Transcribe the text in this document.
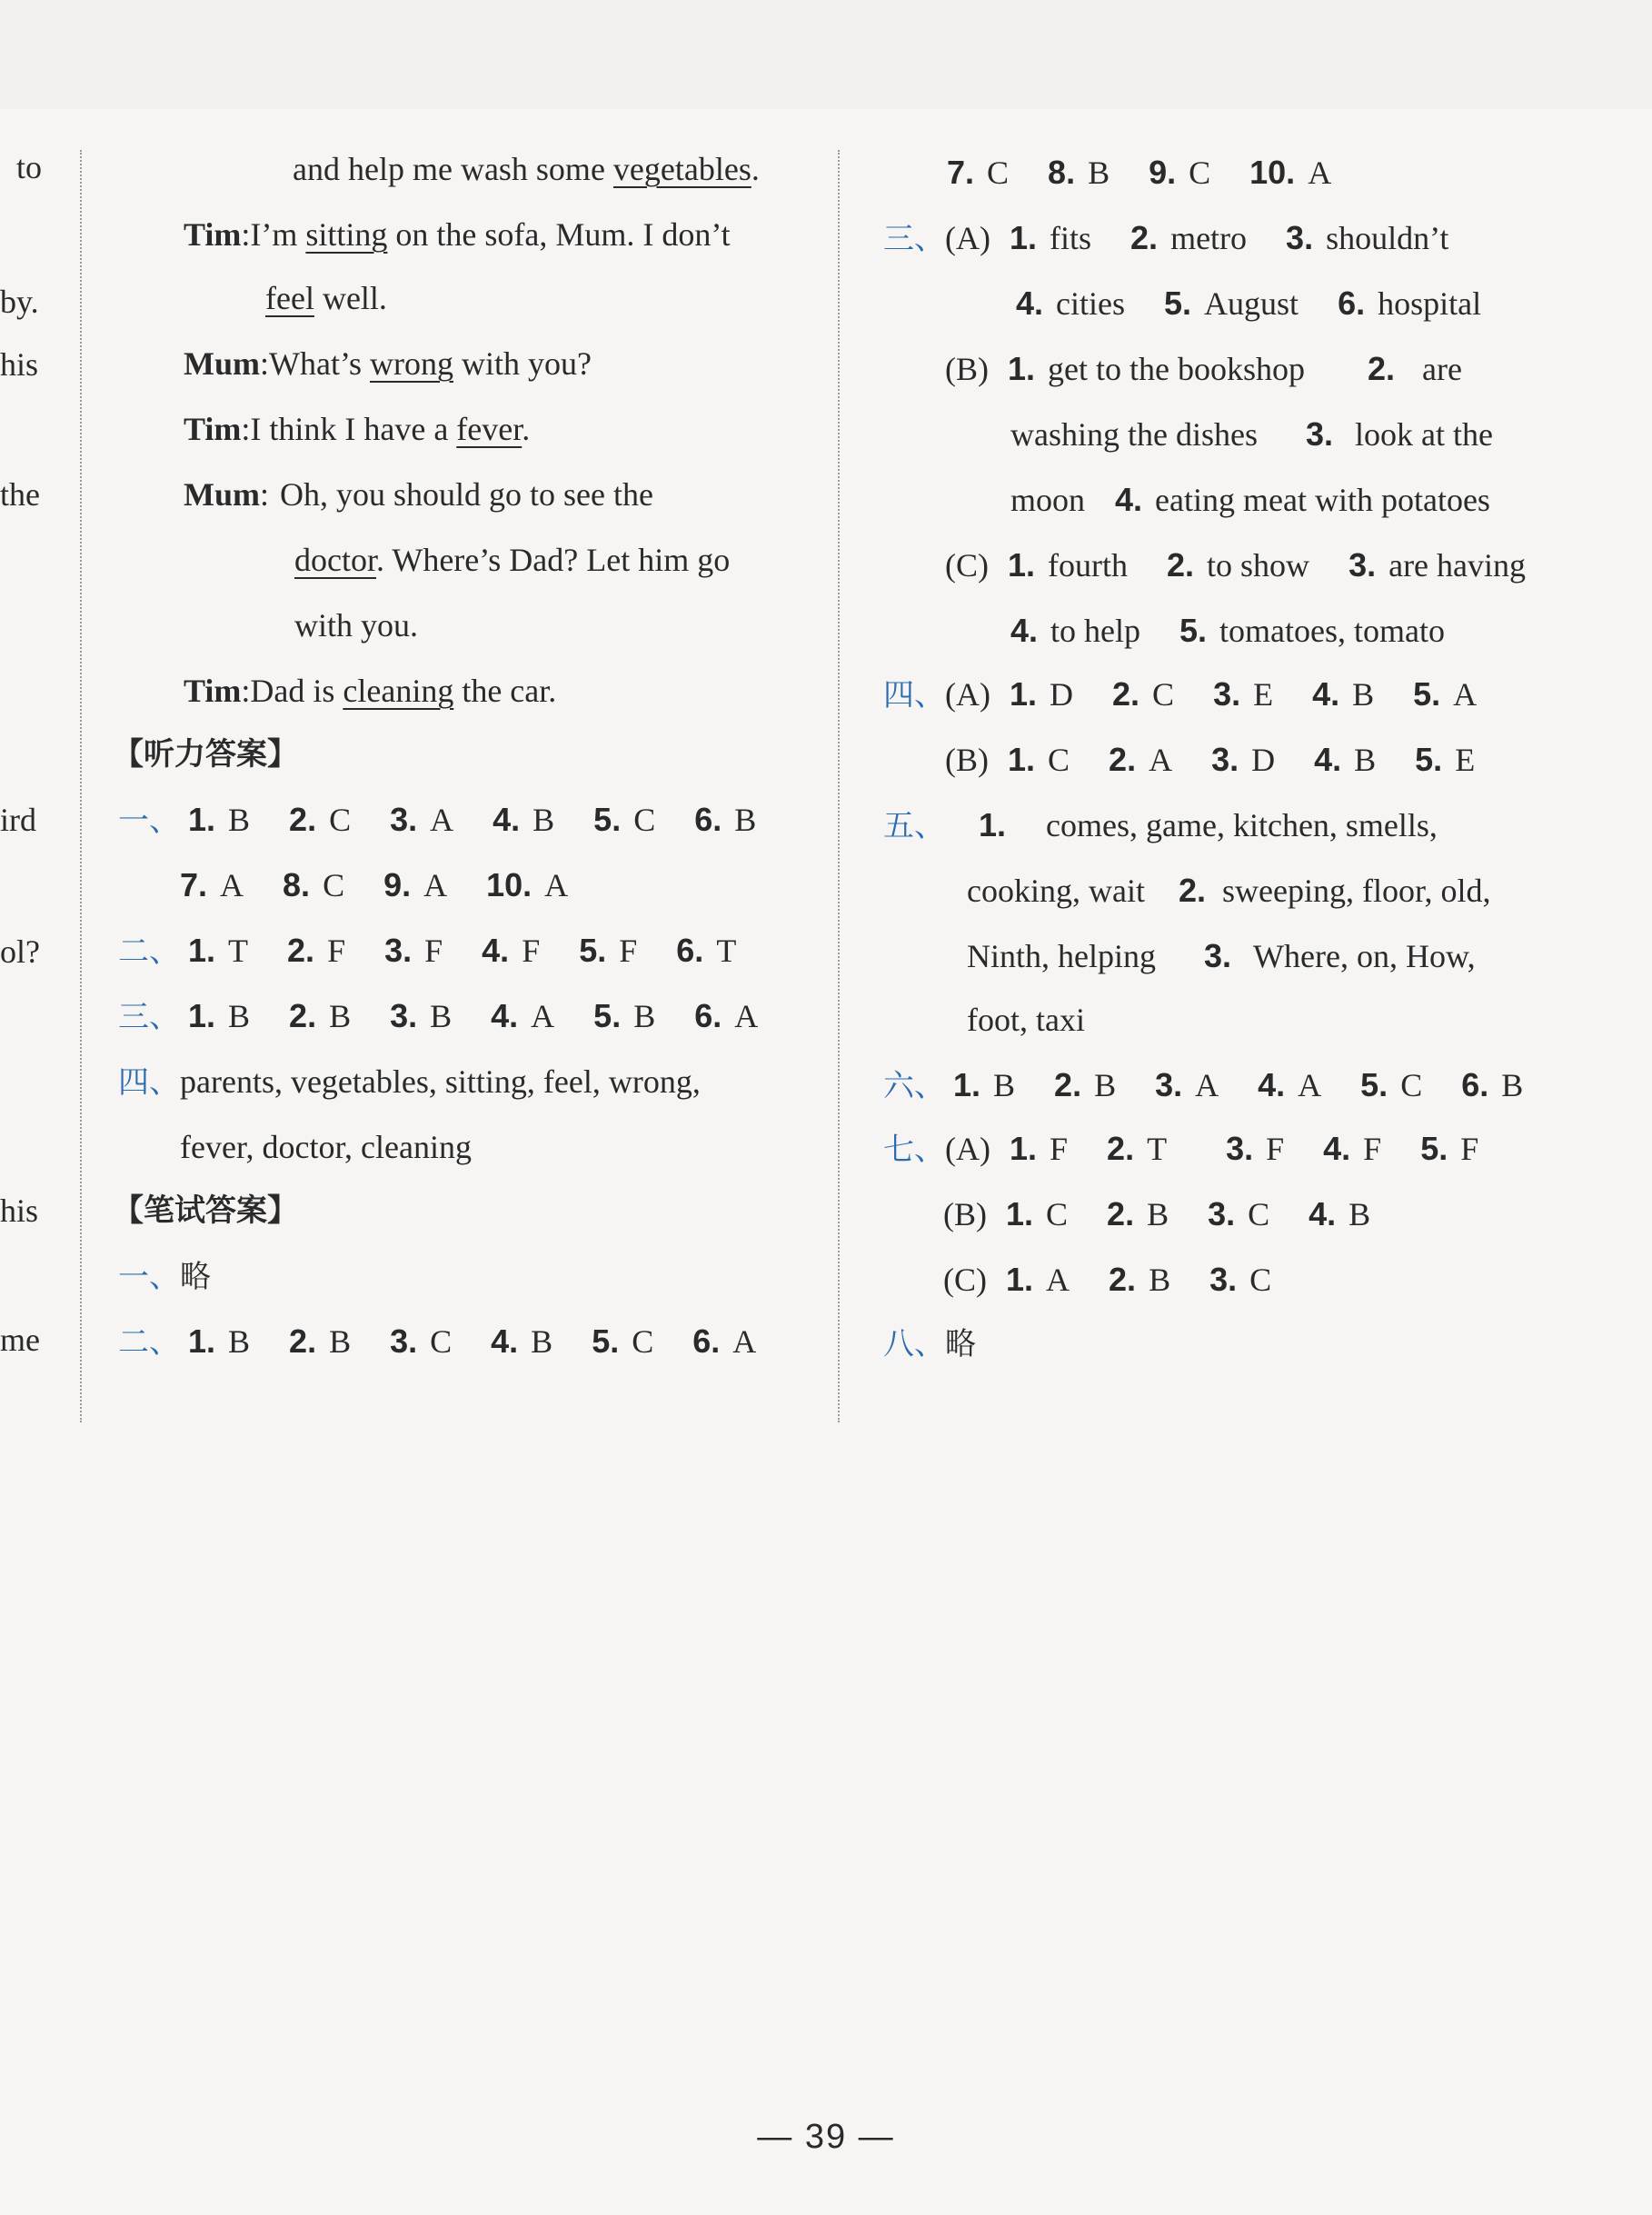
to
by.
his
the
ird
ol?
his
me
and help me wash some vegetables.
Tim:I’m sitting on the sofa, Mum. I don’t
feel well.
Mum:What’s wrong with you?
Tim:I think I have a fever.
Mum: Oh, you should go to see the
doctor. Where’s Dad? Let him go
with you.
Tim:Dad is cleaning the car.
【听力答案】
一、 1. B 2. C 3. A 4. B 5. C 6. B
7. A 8. C 9. A 10. A
二、 1. T 2. F 3. F 4. F 5. F 6. T
三、 1. B 2. B 3. B 4. A 5. B 6. A
四、parents, vegetables, sitting, feel, wrong,
fever, doctor, cleaning
【笔试答案】
一、略
二、 1. B 2. B 3. C 4. B 5. C 6. A
7. C 8. B 9. C 10. A
三、(A) 1. fits 2. metro 3. shouldn’t
4. cities 5. August 6. hospital
(B) 1. get to the bookshop 2. are
washing the dishes 3. look at the
moon 4. eating meat with potatoes
(C) 1. fourth 2. to show 3. are having
4. to help 5. tomatoes, tomato
四、(A) 1. D 2. C 3. E 4. B 5. A
(B) 1. C 2. A 3. D 4. B 5. E
五、 1. comes, game, kitchen, smells,
cooking, wait 2. sweeping, floor, old,
Ninth, helping 3. Where, on, How,
foot, taxi
六、 1. B 2. B 3. A 4. A 5. C 6. B
七、(A) 1. F 2. T 3. F 4. F 5. F
(B) 1. C 2. B 3. C 4. B
(C) 1. A 2. B 3. C
八、略
— 39 —
